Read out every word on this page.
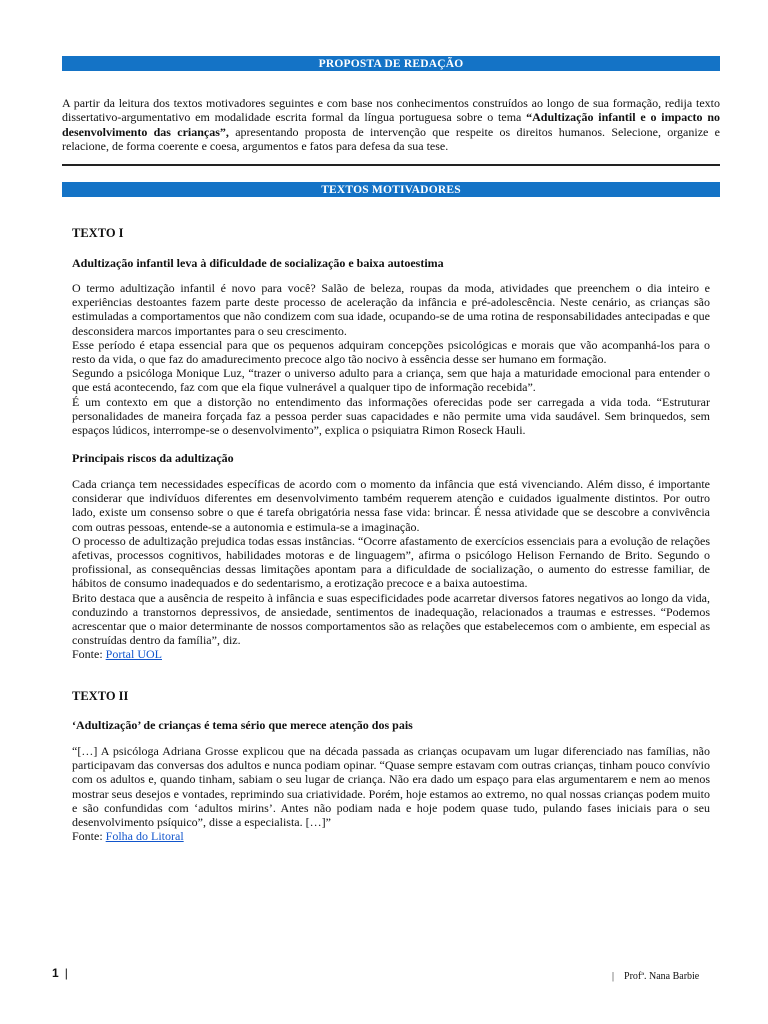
PROPOSTA DE REDAÇÃO
A partir da leitura dos textos motivadores seguintes e com base nos conhecimentos construídos ao longo de sua formação, redija texto dissertativo-argumentativo em modalidade escrita formal da língua portuguesa sobre o tema “Adultização infantil e o impacto no desenvolvimento das crianças”, apresentando proposta de intervenção que respeite os direitos humanos. Selecione, organize e relacione, de forma coerente e coesa, argumentos e fatos para defesa da sua tese.
TEXTOS MOTIVADORES
TEXTO I
Adultização infantil leva à dificuldade de socialização e baixa autoestima

O termo adultização infantil é novo para você? Salão de beleza, roupas da moda, atividades que preenchem o dia inteiro e experiências destoantes fazem parte deste processo de aceleração da infância e pré-adolescência. Neste cenário, as crianças são estimuladas a comportamentos que não condizem com sua idade, ocupando-se de uma rotina de responsabilidades antecipadas e que desconsidera marcos importantes para o seu crescimento.

Esse período é etapa essencial para que os pequenos adquiram concepções psicológicas e morais que vão acompanhá-los para o resto da vida, o que faz do amadurecimento precoce algo tão nocivo à essência desse ser humano em formação.

Segundo a psicóloga Monique Luz, “trazer o universo adulto para a criança, sem que haja a maturidade emocional para entender o que está acontecendo, faz com que ela fique vulnerável a qualquer tipo de informação recebida”.

É um contexto em que a distorção no entendimento das informações oferecidas pode ser carregada a vida toda. “Estruturar personalidades de maneira forçada faz a pessoa perder suas capacidades e não permite uma vida saudável. Sem brinquedos, sem espaços lúdicos, interrompe-se o desenvolvimento”, explica o psiquiatra Rimon Roseck Hauli.

Principais riscos da adultização

Cada criança tem necessidades específicas de acordo com o momento da infância que está vivenciando. Além disso, é importante considerar que indivíduos diferentes em desenvolvimento também requerem atenção e cuidados igualmente distintos. Por outro lado, existe um consenso sobre o que é tarefa obrigatória nessa fase vida: brincar. É nessa atividade que se descobre a convivência com outras pessoas, entende-se a autonomia e estimula-se a imaginação.

O processo de adultização prejudica todas essas instâncias. “Ocorre afastamento de exercícios essenciais para a evolução de relações afetivas, processos cognitivos, habilidades motoras e de linguagem”, afirma o psicólogo Helison Fernando de Brito. Segundo o profissional, as consequências dessas limitações apontam para a dificuldade de socialização, o aumento do estresse familiar, de hábitos de consumo inadequados e do sedentarismo, a erotização precoce e a baixa autoestima.

Brito destaca que a ausência de respeito à infância e suas especificidades pode acarretar diversos fatores negativos ao longo da vida, conduzindo a transtornos depressivos, de ansiedade, sentimentos de inadequação, relacionados a traumas e estresses. “Podemos acrescentar que o maior determinante de nossos comportamentos são as relações que estabelecemos com o ambiente, em especial as construídas dentro da família”, diz.

Fonte: Portal UOL

TEXTO II
‘Adultização’ de crianças é tema sério que merece atenção dos pais

“[…] A psicóloga Adriana Grosse explicou que na década passada as crianças ocupavam um lugar diferenciado nas famílias, não participavam das conversas dos adultos e nunca podiam opinar. “Quase sempre estavam com outras crianças, tinham pouco convívio com os adultos e, quando tinham, sabiam o seu lugar de criança. Não era dado um espaço para elas argumentarem e nem ao menos mostrar seus desejos e vontades, reprimindo sua criatividade. Porém, hoje estamos ao extremo, no qual nossas crianças podem muito e são confundidas com ‘adultos mirins’. Antes não podiam nada e hoje podem quase tudo, pulando fases iniciais para o seu desenvolvimento psíquico”, disse a especialista. […]”

Fonte: Folha do Litoral

1 |	| Profª. Nana Barbie
